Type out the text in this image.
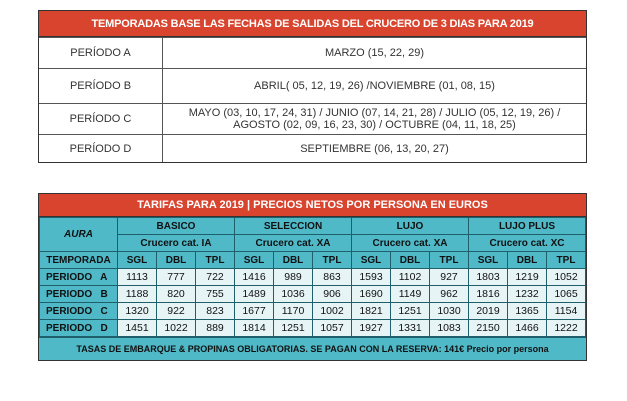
TEMPORADAS BASE LAS FECHAS DE SALIDAS DEL CRUCERO DE 3 DIAS PARA 2019
PERÍODO A	MARZO (15, 22, 29)
PERÍODO B	ABRIL( 05, 12, 19, 26) /NOVIEMBRE (01, 08, 15)
PERÍODO C	MAYO (03, 10, 17, 24, 31) / JUNIO (07, 14, 21, 28) / JULIO (05, 12, 19, 26) /
AGOSTO (02, 09, 16, 23, 30) / OCTUBRE (04, 11, 18, 25)
PERÍODO D	SEPTIEMBRE (06, 13, 20, 27)
TARIFAS PARA 2019 | PRECIOS NETOS POR PERSONA EN EUROS
AURA	BASICO			SELECCION			LUJO			LUJO PLUS		
	Crucero cat. IA			Crucero cat. XA			Crucero cat. XA			Crucero cat. XC		
TEMPORADA	SGL	DBL	TPL	SGL	DBL	TPL	SGL	DBL	TPL	SGL	DBL	TPL
PERIODO   A	1113	777	722	1416	989	863	1593	1102	927	1803	1219	1052
PERIODO   B	1188	820	755	1489	1036	906	1690	1149	962	1816	1232	1065
PERIODO   C	1320	922	823	1677	1170	1002	1821	1251	1030	2019	1365	1154
PERIODO   D	1451	1022	889	1814	1251	1057	1927	1331	1083	2150	1466	1222
TASAS DE EMBARQUE & PROPINAS OBLIGATORIAS. SE PAGAN CON LA RESERVA: 141€ Precio por persona
